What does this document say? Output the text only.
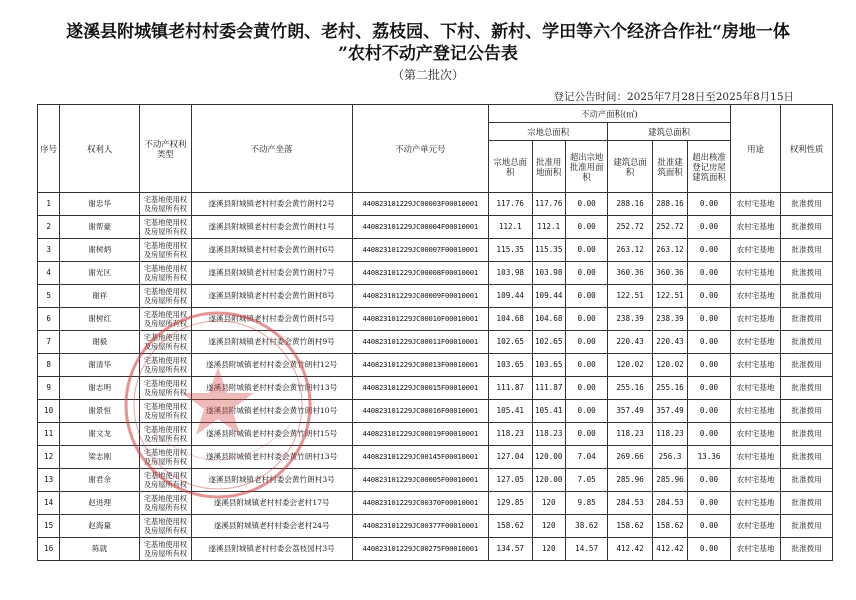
遂溪县附城镇老村村委会黄竹朗、老村、荔枝园、下村、新村、学田等六个经济合作社“房地一体
”农村不动产登记公告表
（第二批次）
登记公告时间：2025年7月28日至2025年8月15日
序号	权利人	不动产权利类型	不动产坐落	不动产单元号	不动产面积(㎡)						用途	权利性质
					宗地总面积			建筑总面积				
					宗地总面积	批准用地面积	超出宗地批准用面积	建筑总面积	批准建筑面积	超出核准登记房屋建筑面积		
1	谢忠华	宅基地使用权及房屋所有权	遂溪县附城镇老村村委会黄竹朗村2号	440823101229JC00003F00010001	117.76	117.76	0.00	288.16	288.16	0.00	农村宅基地	批准拨用
2	谢帮豪	宅基地使用权及房屋所有权	遂溪县附城镇老村村委会黄竹朗村1号	440823101229JC00004F00010001	112.1	112.1	0.00	252.72	252.72	0.00	农村宅基地	批准拨用
3	谢树炳	宅基地使用权及房屋所有权	遂溪县附城镇老村村委会黄竹朗村6号	440823101229JC00007F00010001	115.35	115.35	0.00	263.12	263.12	0.00	农村宅基地	批准拨用
4	谢光区	宅基地使用权及房屋所有权	遂溪县附城镇老村村委会黄竹朗村7号	440823101229JC00008F00010001	103.98	103.98	0.00	360.36	360.36	0.00	农村宅基地	批准拨用
5	谢祥	宅基地使用权及房屋所有权	遂溪县附城镇老村村委会黄竹朗村8号	440823101229JC00009F00010001	109.44	109.44	0.00	122.51	122.51	0.00	农村宅基地	批准拨用
6	谢树红	宅基地使用权及房屋所有权	遂溪县附城镇老村村委会黄竹朗村5号	440823101229JC00010F00010001	104.68	104.68	0.00	238.39	238.39	0.00	农村宅基地	批准拨用
7	谢毅	宅基地使用权及房屋所有权	遂溪县附城镇老村村委会黄竹朗村9号	440823101229JC00011F00010001	102.65	102.65	0.00	220.43	220.43	0.00	农村宅基地	批准拨用
8	谢清华	宅基地使用权及房屋所有权	遂溪县附城镇老村村委会黄竹朗村12号	440823101229JC00013F00010001	103.65	103.65	0.00	120.02	120.02	0.00	农村宅基地	批准拨用
9	谢志明	宅基地使用权及房屋所有权	遂溪县附城镇老村村委会黄竹朗村13号	440823101229JC00015F00010001	111.87	111.87	0.00	255.16	255.16	0.00	农村宅基地	批准拨用
10	谢景恒	宅基地使用权及房屋所有权	遂溪县附城镇老村村委会黄竹朗村10号	440823101229JC00016F00010001	105.41	105.41	0.00	357.49	357.49	0.00	农村宅基地	批准拨用
11	谢文龙	宅基地使用权及房屋所有权	遂溪县附城镇老村村委会黄竹朗村15号	440823101229JC00019F00010001	118.23	118.23	0.00	118.23	118.23	0.00	农村宅基地	批准拨用
12	梁志刚	宅基地使用权及房屋所有权	遂溪县附城镇老村村委会黄竹朗村13号	440823101229JC00145F00010001	127.04	120.00	7.04	269.66	256.3	13.36	农村宅基地	批准拨用
13	谢君余	宅基地使用权及房屋所有权	遂溪县附城镇老村村委会黄竹朗村3号	440823101229JC00005F00010001	127.05	120.00	7.05	285.96	285.96	0.00	农村宅基地	批准拨用
14	赵进理	宅基地使用权及房屋所有权	遂溪县附城镇老村村委会老村17号	440823101229JC00370F00010001	129.85	120	9.85	284.53	284.53	0.00	农村宅基地	批准拨用
15	赵海量	宅基地使用权及房屋所有权	遂溪县附城镇老村村委会老村24号	440823101229JC00377F00010001	158.62	120	38.62	158.62	158.62	0.00	农村宅基地	批准拨用
16	陈就	宅基地使用权及房屋所有权	遂溪县附城镇老村村委会荔枝园村3号	440823101229JC00275F00010001	134.57	120	14.57	412.42	412.42	0.00	农村宅基地	批准拨用
